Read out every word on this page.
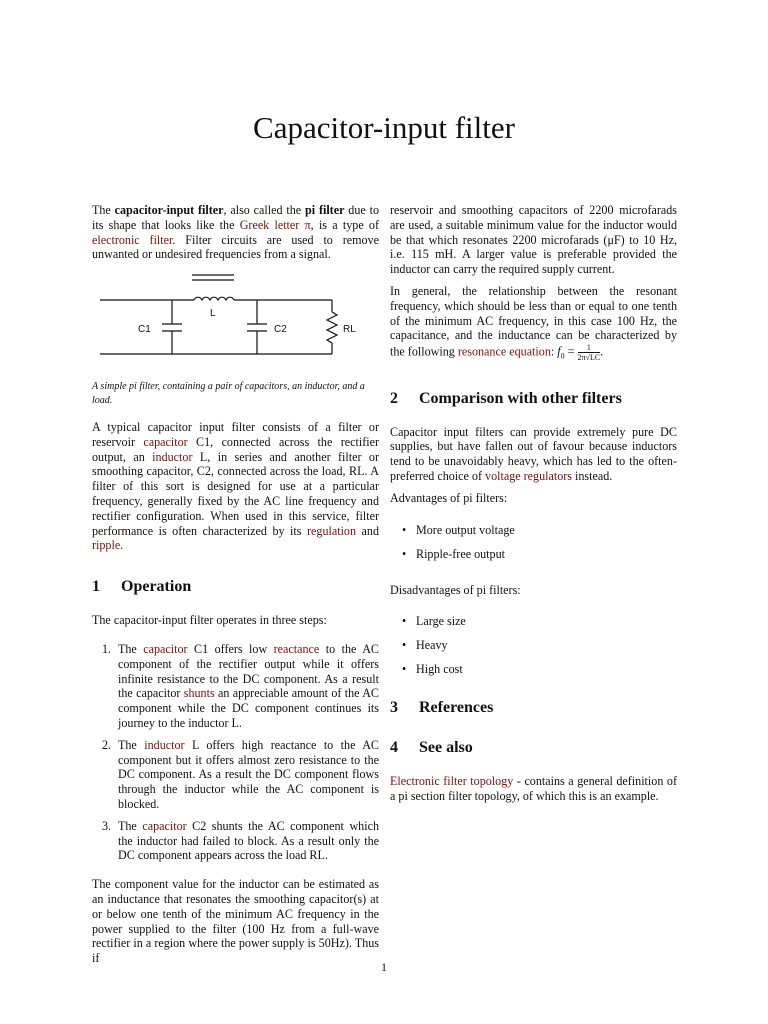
Capacitor-input filter

The capacitor-input filter, also called the pi filter due to its shape that looks like the Greek letter π, is a type of electronic filter. Filter circuits are used to remove unwanted or undesired frequencies from a signal.

L
C1	C2	RL
A simple pi filter, containing a pair of capacitors, an inductor, and a load.

A typical capacitor input filter consists of a filter or reservoir capacitor C1, connected across the rectifier output, an inductor L, in series and another filter or smoothing capacitor, C2, connected across the load, RL. A filter of this sort is designed for use at a particular frequency, generally fixed by the AC line frequency and rectifier configuration. When used in this service, filter performance is often characterized by its regulation and ripple.

1 Operation

The capacitor-input filter operates in three steps:

1. The capacitor C1 offers low reactance to the AC component of the rectifier output while it offers infinite resistance to the DC component. As a result the capacitor shunts an appreciable amount of the AC component while the DC component continues its journey to the inductor L.
2. The inductor L offers high reactance to the AC component but it offers almost zero resistance to the DC component. As a result the DC component flows through the inductor while the AC component is blocked.
3. The capacitor C2 shunts the AC component which the inductor had failed to block. As a result only the DC component appears across the load RL.

The component value for the inductor can be estimated as an inductance that resonates the smoothing capacitor(s) at or below one tenth of the minimum AC frequency in the power supplied to the filter (100 Hz from a full-wave rectifier in a region where the power supply is 50Hz). Thus if

reservoir and smoothing capacitors of 2200 microfarads are used, a suitable minimum value for the inductor would be that which resonates 2200 microfarads (μF) to 10 Hz, i.e. 115 mH. A larger value is preferable provided the inductor can carry the required supply current.

In general, the relationship between the resonant frequency, which should be less than or equal to one tenth of the minimum AC frequency, in this case 100 Hz, the capacitance, and the inductance can be characterized by the following resonance equation: $f_0 = \frac{1}{2\pi√LC}$ .

2 Comparison with other filters

Capacitor input filters can provide extremely pure DC supplies, but have fallen out of favour because inductors tend to be unavoidably heavy, which has led to the often-preferred choice of voltage regulators instead.

Advantages of pi filters:

• More output voltage
• Ripple-free output

Disadvantages of pi filters:

• Large size
• Heavy
• High cost
3 References
4 See also

Electronic filter topology - contains a general definition of a pi section filter topology, of which this is an example.

1
